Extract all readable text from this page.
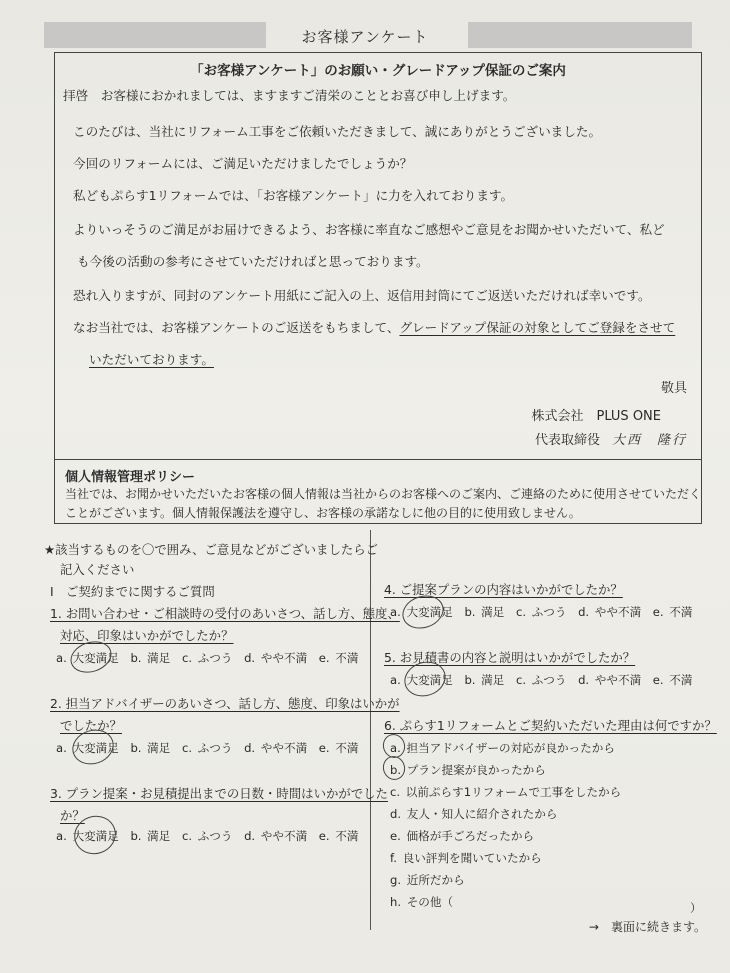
お客様アンケート
「お客様アンケート」のお願い・グレードアップ保証のご案内
拝啓　お客様におかれましては、ますますご清栄のこととお喜び申し上げます。
このたびは、当社にリフォーム工事をご依頼いただきまして、誠にありがとうございました。
今回のリフォームには、ご満足いただけましたでしょうか？
私どもぷらす1リフォームでは、「お客様アンケート」に力を入れております。
よりいっそうのご満足がお届けできるよう、お客様に率直なご感想やご意見をお聞かせいただいて、私ど
も今後の活動の参考にさせていただければと思っております。
恐れ入りますが、同封のアンケート用紙にご記入の上、返信用封筒にてご返送いただければ幸いです。
なお当社では、お客様アンケートのご返送をもちまして、グレードアップ保証の対象としてご登録をさせて
いただいております。
敬具
株式会社　PLUS ONE
代表取締役 大西　隆行
個人情報管理ポリシー
当社では、お聞かせいただいたお客様の個人情報は当社からのお客様へのご案内、ご連絡のために使用させていただく
ことがございます。個人情報保護法を遵守し、お客様の承諾なしに他の目的に使用致しません。
★該当するものを〇で囲み、ご意見などがございましたらご
記入ください
Ⅰ　ご契約までに関するご質問
1. お問い合わせ・ご相談時の受付のあいさつ、話し方、態度、
対応、印象はいかがでしたか？
a. 大変満足　b. 満足　c. ふつう　d. やや不満　e. 不満
2. 担当アドバイザーのあいさつ、話し方、態度、印象はいかが
でしたか？
a. 大変満足　b. 満足　c. ふつう　d. やや不満　e. 不満
3. プラン提案・お見積提出までの日数・時間はいかがでした
か？
a. 大変満足　b. 満足　c. ふつう　d. やや不満　e. 不満
4. ご提案プランの内容はいかがでしたか？
a. 大変満足　b. 満足　c. ふつう　d. やや不満　e. 不満
5. お見積書の内容と説明はいかがでしたか？
a. 大変満足　b. 満足　c. ふつう　d. やや不満　e. 不満
6. ぷらす1リフォームとご契約いただいた理由は何ですか？
a. 担当アドバイザーの対応が良かったから
b. プラン提案が良かったから
c. 以前ぷらす1リフォームで工事をしたから
d. 友人・知人に紹介されたから
e. 価格が手ごろだったから
f. 良い評判を聞いていたから
g. 近所だから
h. その他（	）
→　裏面に続きます。
